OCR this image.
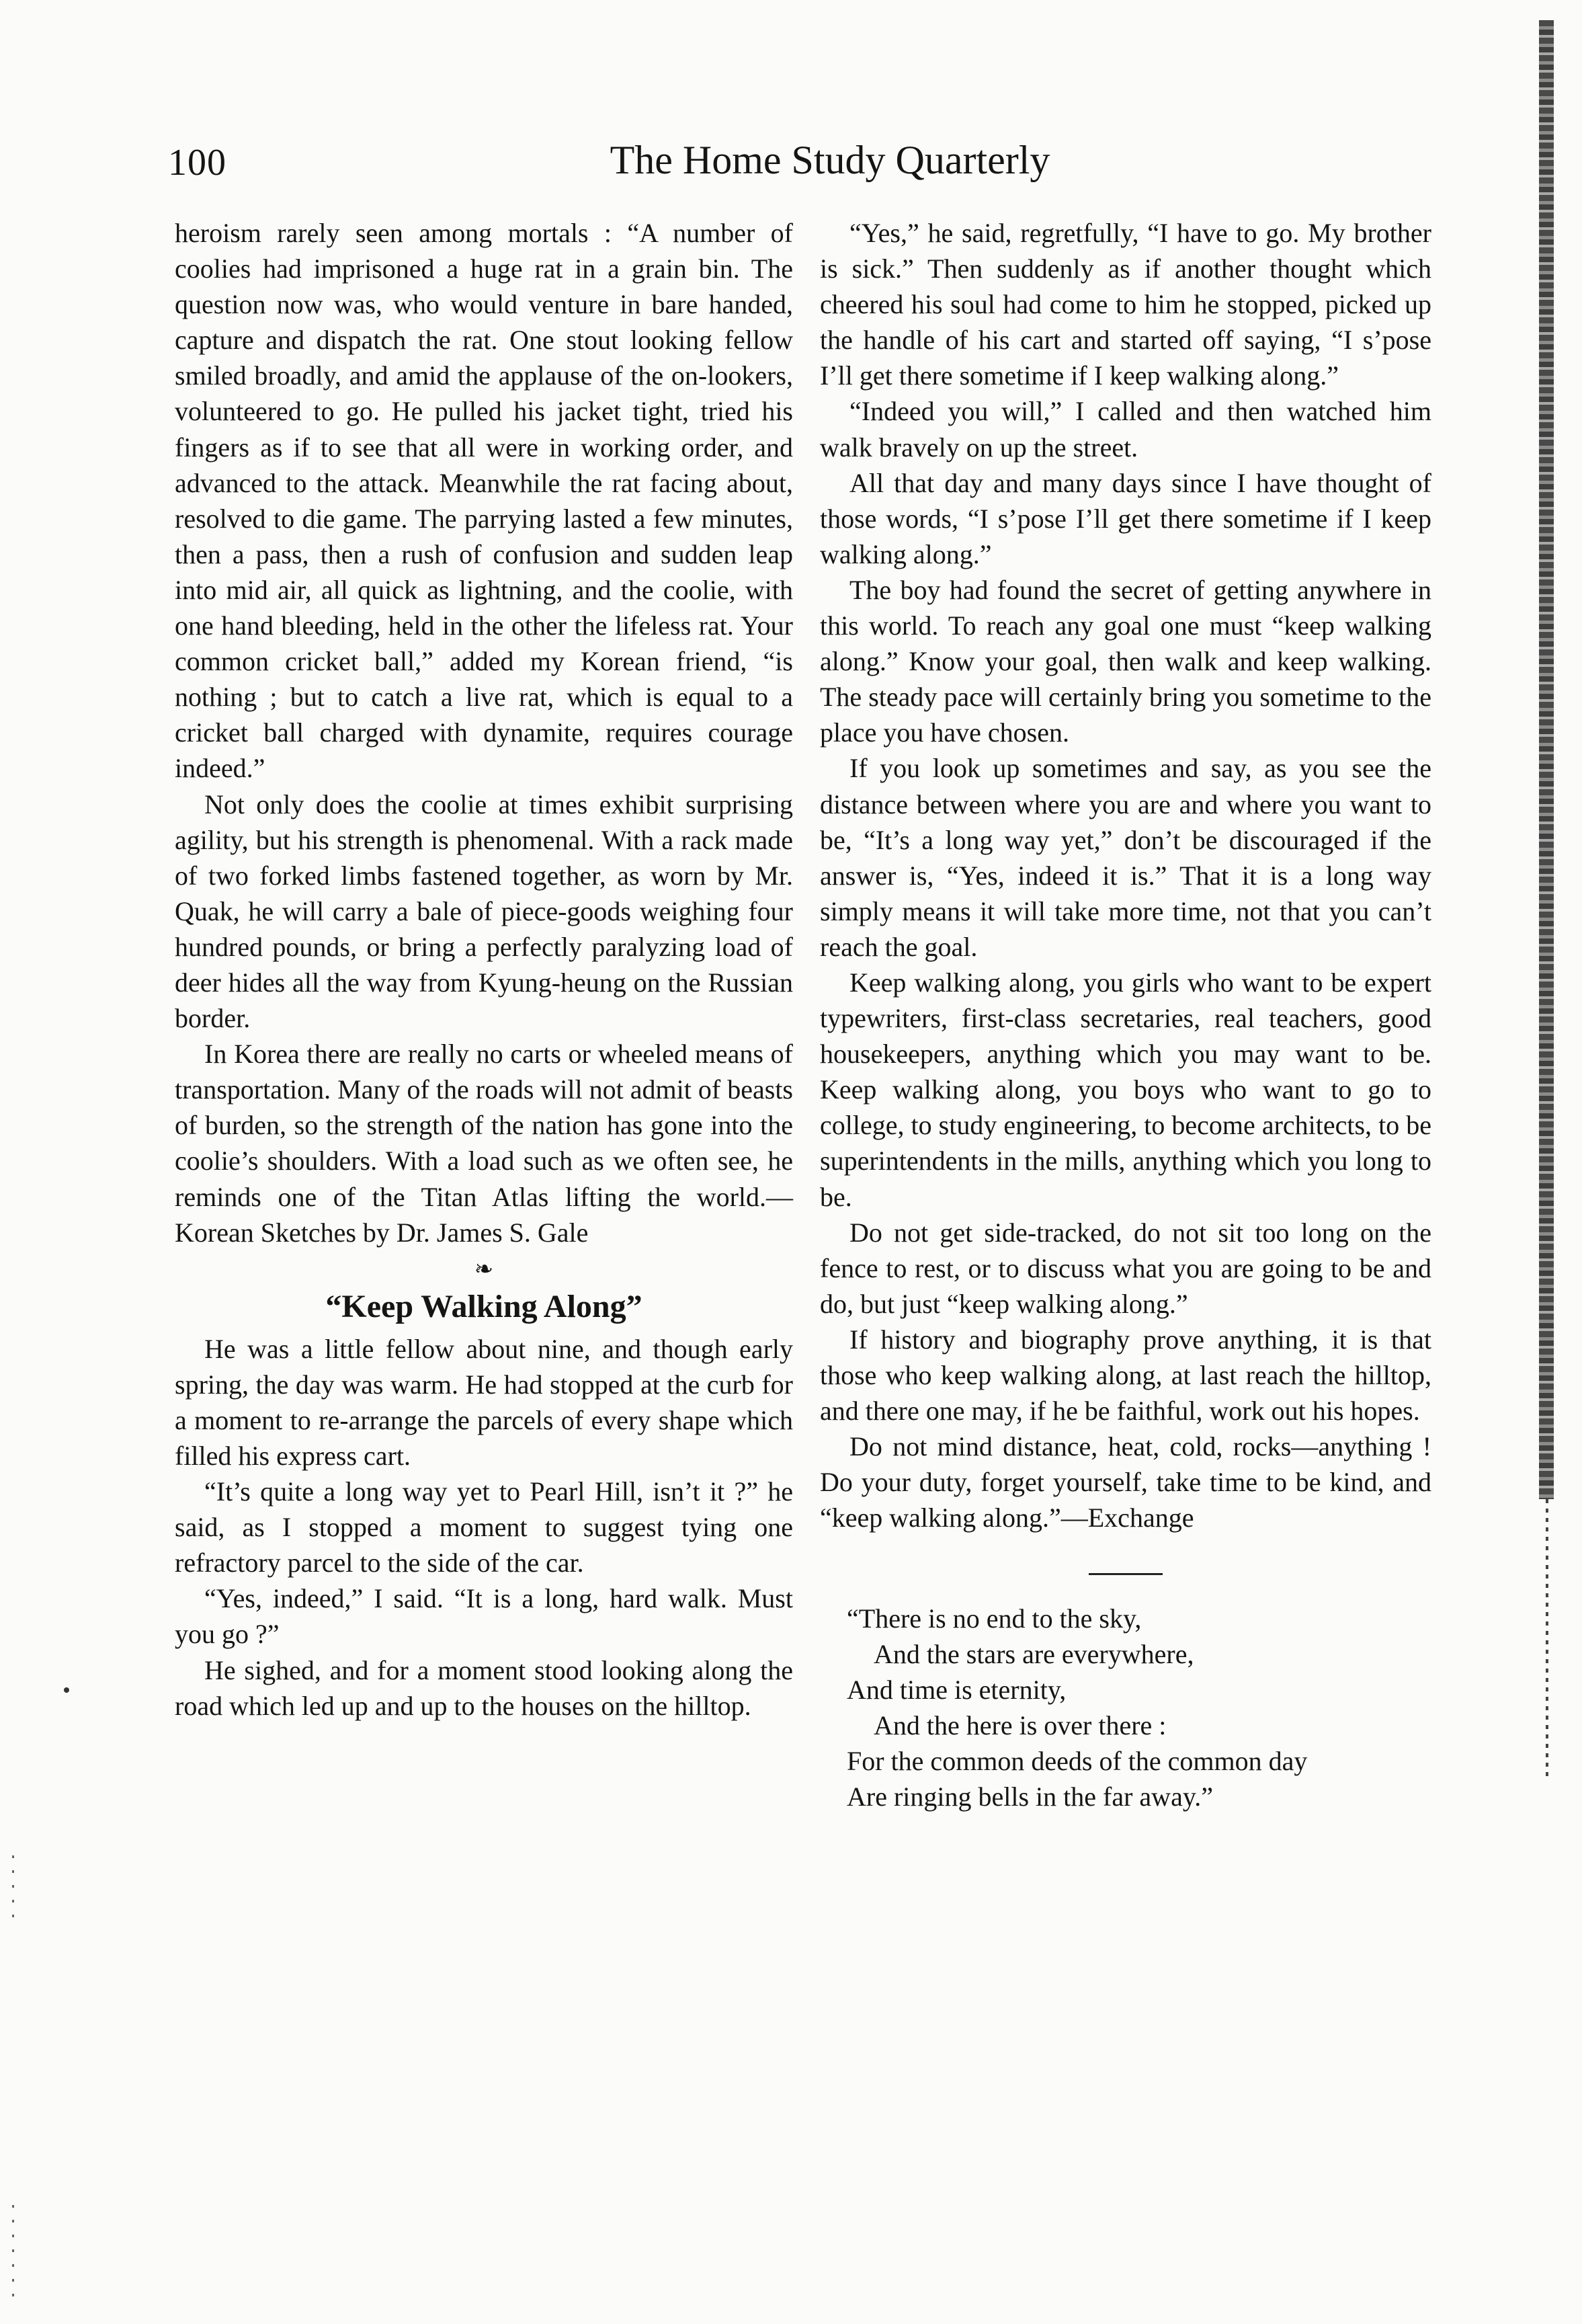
100	The Home Study Quarterly

heroism rarely seen among mortals : “A number of coolies had imprisoned a huge rat in a grain bin. The question now was, who would venture in bare handed, capture and dispatch the rat. One stout looking fellow smiled broadly, and amid the applause of the on-lookers, volunteered to go. He pulled his jacket tight, tried his fingers as if to see that all were in working order, and advanced to the attack. Meanwhile the rat facing about, resolved to die game. The parrying lasted a few minutes, then a pass, then a rush of confusion and sudden leap into mid air, all quick as lightning, and the coolie, with one hand bleeding, held in the other the lifeless rat. Your common cricket ball,” added my Korean friend, “is nothing ; but to catch a live rat, which is equal to a cricket ball charged with dynamite, requires courage indeed.”

Not only does the coolie at times exhibit surprising agility, but his strength is phenomenal. With a rack made of two forked limbs fastened together, as worn by Mr. Quak, he will carry a bale of piece-goods weighing four hundred pounds, or bring a perfectly paralyzing load of deer hides all the way from Kyung-heung on the Russian border.

In Korea there are really no carts or wheeled means of transportation. Many of the roads will not admit of beasts of burden, so the strength of the nation has gone into the coolie’s shoulders. With a load such as we often see, he reminds one of the Titan Atlas lifting the world.—Korean Sketches by Dr. James S. Gale

❧
“Keep Walking Along”

He was a little fellow about nine, and though early spring, the day was warm. He had stopped at the curb for a moment to re-arrange the parcels of every shape which filled his express cart.

“It’s quite a long way yet to Pearl Hill, isn’t it ?” he said, as I stopped a moment to suggest tying one refractory parcel to the side of the car.

“Yes, indeed,” I said. “It is a long, hard walk. Must you go ?”

He sighed, and for a moment stood looking along the road which led up and up to the houses on the hilltop.

“Yes,” he said, regretfully, “I have to go. My brother is sick.” Then suddenly as if another thought which cheered his soul had come to him he stopped, picked up the handle of his cart and started off saying, “I s’pose I’ll get there sometime if I keep walking along.”

“Indeed you will,” I called and then watched him walk bravely on up the street.

All that day and many days since I have thought of those words, “I s’pose I’ll get there sometime if I keep walking along.”

The boy had found the secret of getting anywhere in this world. To reach any goal one must “keep walking along.” Know your goal, then walk and keep walking. The steady pace will certainly bring you sometime to the place you have chosen.

If you look up sometimes and say, as you see the distance between where you are and where you want to be, “It’s a long way yet,” don’t be discouraged if the answer is, “Yes, indeed it is.” That it is a long way simply means it will take more time, not that you can’t reach the goal.

Keep walking along, you girls who want to be expert typewriters, first-class secretaries, real teachers, good housekeepers, anything which you may want to be. Keep walking along, you boys who want to go to college, to study engineering, to become architects, to be superintendents in the mills, anything which you long to be.

Do not get side-tracked, do not sit too long on the fence to rest, or to discuss what you are going to be and do, but just “keep walking along.”

If history and biography prove anything, it is that those who keep walking along, at last reach the hilltop, and there one may, if he be faithful, work out his hopes.

Do not mind distance, heat, cold, rocks—anything ! Do your duty, forget yourself, take time to be kind, and “keep walking along.”—Exchange

“There is no end to the sky,
And the stars are everywhere,
And time is eternity,
And the here is over there :
For the common deeds of the common day
Are ringing bells in the far away.”
